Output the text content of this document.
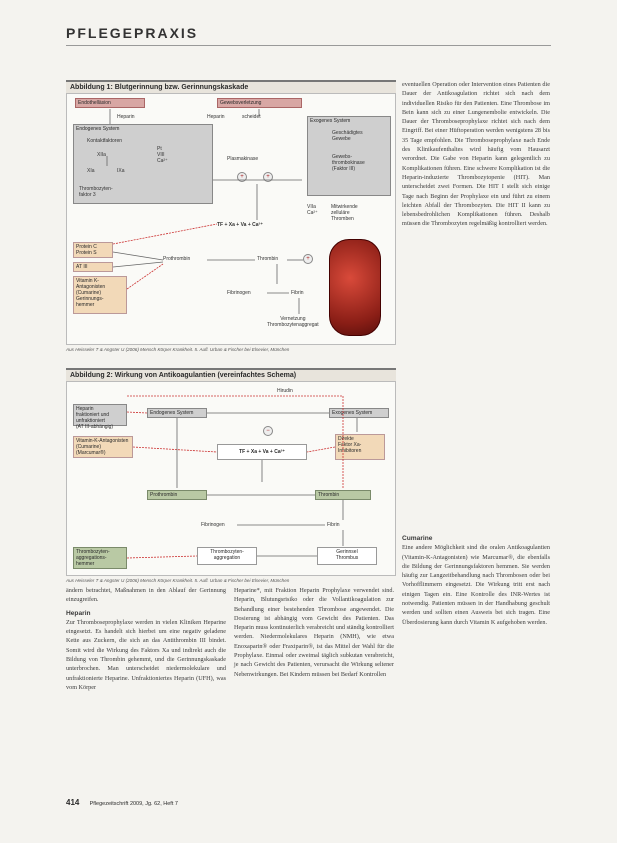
PFLEGEPRAXIS
Abbildung 1: Blutgerinnung bzw. Gerinnungskaskade
Endothelläsion	Gewebsverletzung
Heparin	Heparin	scheidet
Endogenes System
Kontaktfaktoren
XIIa
XIa	IXa
Pt
VIII
Ca²⁺
Thrombozyten-
faktor 3
Exogenes System
Geschädigtes
Gewebe
Gewebs-
thrombokinase
(Faktor III)
VIIa
Ca²⁺
Plasmakinase
+	+
Mitwirkende
zelluläre
Thromben
TF + Xa + Va + Ca²⁺
Protein C
Protein S
AT III
Vitamin K-
Antagonisten
(Cumarine)
Gerinnungs-
hemmer
Prothrombin	Thrombin	+
Fibrinogen	Fibrin
Vernetzung
Thrombozytenaggregat
Aus Heisseler T & Angster U (2006) Mensch Körper Krankheit. 5. Aufl. Urban & Fischer bei Elsevier, München
Abbildung 2: Wirkung von Antikoagulantien (vereinfachtes Schema)
Hirudin
Heparin
fraktioniert und
unfraktioniert
(AT III-abhängig)
Endogenes System	Exogenes System
Vitamin-K-Antagonisten
(Cumarine)
(Marcumar®)
Direkte
Faktor Xa-
Inhibitoren
TF + Xa + Va + Ca²⁺
−
Prothrombin	Thrombin
Fibrinogen	Fibrin
Thrombozyten-
aggregations-
hemmer
Thrombozyten-
aggregation
Gerinnsel
Thrombus
Aus Heisseler T & Angster U (2006) Mensch Körper Krankheit. 5. Aufl. Urban & Fischer bei Elsevier, München

eventuellen Operation oder Intervention eines Patienten die Dauer der Antikoagulation richtet sich nach dem individuellen Risiko für den Patienten. Eine Thrombose im Bein kann sich zu einer Lungenembolie entwickeln. Die Dauer der Thromboseprophylaxe richtet sich nach dem Eingriff. Bei einer Hüftoperation werden wenigstens 28 bis 35 Tage empfohlen. Die Thromboseprophylaxe nach Ende des Klinikaufenthaltes wird häufig vom Hausarzt verordnet. Die Gabe von Heparin kann gelegentlich zu Komplikationen führen. Eine schwere Komplikation ist die Heparin-induzierte Thrombozytopenie (HIT). Man unterscheidet zwei Formen. Die HIT I stellt sich einige Tage nach Beginn der Prophylaxe ein und führt zu einem leichten Abfall der Thrombozyten. Die HIT II kann zu lebensbedrohlichen Komplikationen führen. Deshalb müssen die Thrombozyten regelmäßig kontrolliert werden.

Cumarine

Eine andere Möglichkeit sind die oralen Antikoagulantien (Vitamin-K-Antagonisten) wie Marcumar®, die ebenfalls die Bildung der Gerinnungsfaktoren hemmen. Sie werden häufig zur Langzeitbehandlung nach Thrombosen oder bei Vorhofflimmern eingesetzt. Die Wirkung tritt erst nach einigen Tagen ein. Eine Kontrolle des INR-Wertes ist notwendig. Patienten müssen in der Handhabung geschult werden und sollten einen Ausweis bei sich tragen. Eine Überdosierung kann durch Vitamin K aufgehoben werden.

ändern betrachtet, Maßnahmen in den Ablauf der Gerinnung einzugreifen.

Heparin

Zur Thromboseprophylaxe werden in vielen Kliniken Heparine eingesetzt. Es handelt sich hierbei um eine negativ geladene Kette aus Zuckern, die sich an das Antithrombin III bindet. Somit wird die Wirkung des Faktors Xa und indirekt auch die Bildung von Thrombin gehemmt, und die Gerinnungskaskade unterbrochen. Man unterscheidet niedermolekulare und unfraktionierte Heparine. Unfraktioniertes Heparin (UFH), was vom Körper

Heparine*, mit Fraktion Heparin Prophylaxe verwendet sind. Heparin, Blutungsrisiko oder die Vollantikoagulation zur Behandlung einer bestehenden Thrombose angewendet. Die Dosierung ist abhängig vom Gewicht des Patienten. Das Heparin muss kontinuierlich verabreicht und ständig kontrolliert werden. Niedermolekulares Heparin (NMH), wie etwa Enoxaparin® oder Fraxiparin®, ist das Mittel der Wahl für die Prophylaxe. Einmal oder zweimal täglich subkutan verabreicht, je nach Gewicht des Patienten, verursacht die Wirkung seltener Nebenwirkungen. Bei Kindern müssen bei Bedarf Kontrollen

414 Pflegezeitschrift 2009, Jg. 62, Heft 7
